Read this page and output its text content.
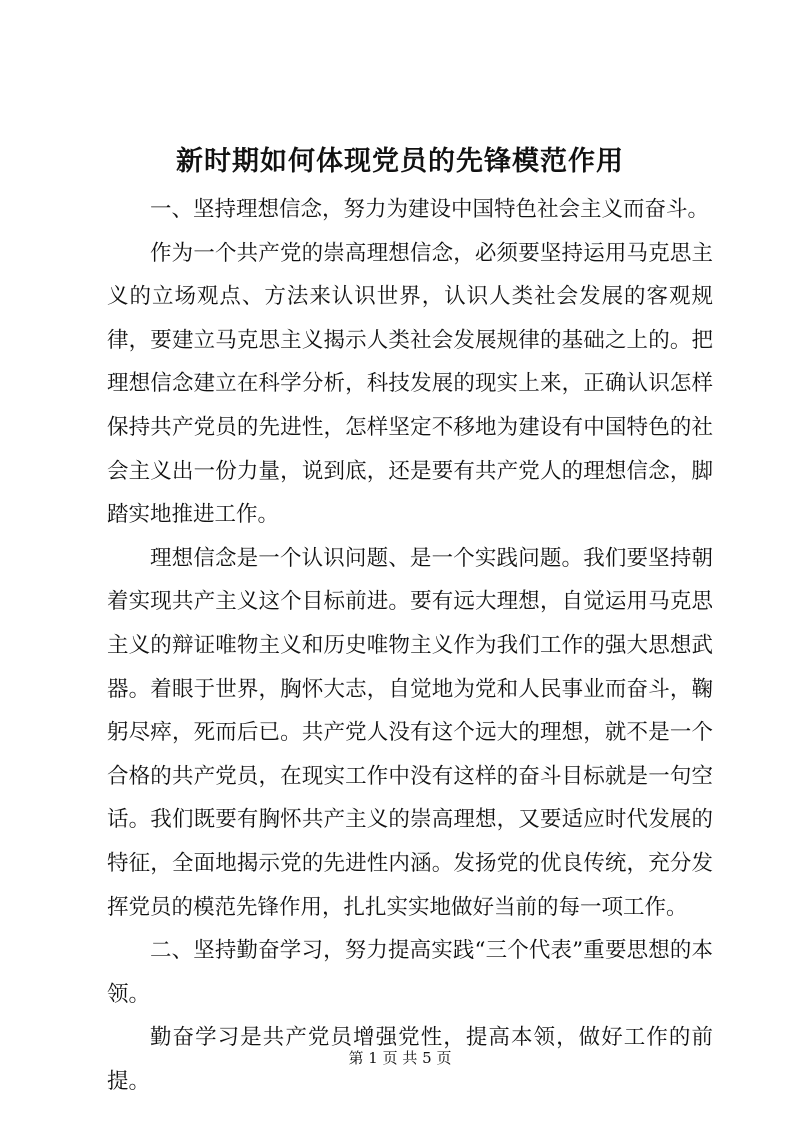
新时期如何体现党员的先锋模范作用

一、坚持理想信念，努力为建设中国特色社会主义而奋斗。

作为一个共产党的崇高理想信念，必须要坚持运用马克思主义的立场观点、方法来认识世界，认识人类社会发展的客观规律，要建立马克思主义揭示人类社会发展规律的基础之上的。把理想信念建立在科学分析，科技发展的现实上来，正确认识怎样保持共产党员的先进性，怎样坚定不移地为建设有中国特色的社会主义出一份力量，说到底，还是要有共产党人的理想信念，脚踏实地推进工作。

理想信念是一个认识问题、是一个实践问题。我们要坚持朝着实现共产主义这个目标前进。要有远大理想，自觉运用马克思主义的辩证唯物主义和历史唯物主义作为我们工作的强大思想武器。着眼于世界，胸怀大志，自觉地为党和人民事业而奋斗，鞠躬尽瘁，死而后已。共产党人没有这个远大的理想，就不是一个合格的共产党员，在现实工作中没有这样的奋斗目标就是一句空话。我们既要有胸怀共产主义的崇高理想，又要适应时代发展的特征，全面地揭示党的先进性内涵。发扬党的优良传统，充分发挥党员的模范先锋作用，扎扎实实地做好当前的每一项工作。

二、坚持勤奋学习，努力提高实践“三个代表”重要思想的本领。

勤奋学习是共产党员增强党性，提高本领，做好工作的前提。

第 1 页 共 5 页
